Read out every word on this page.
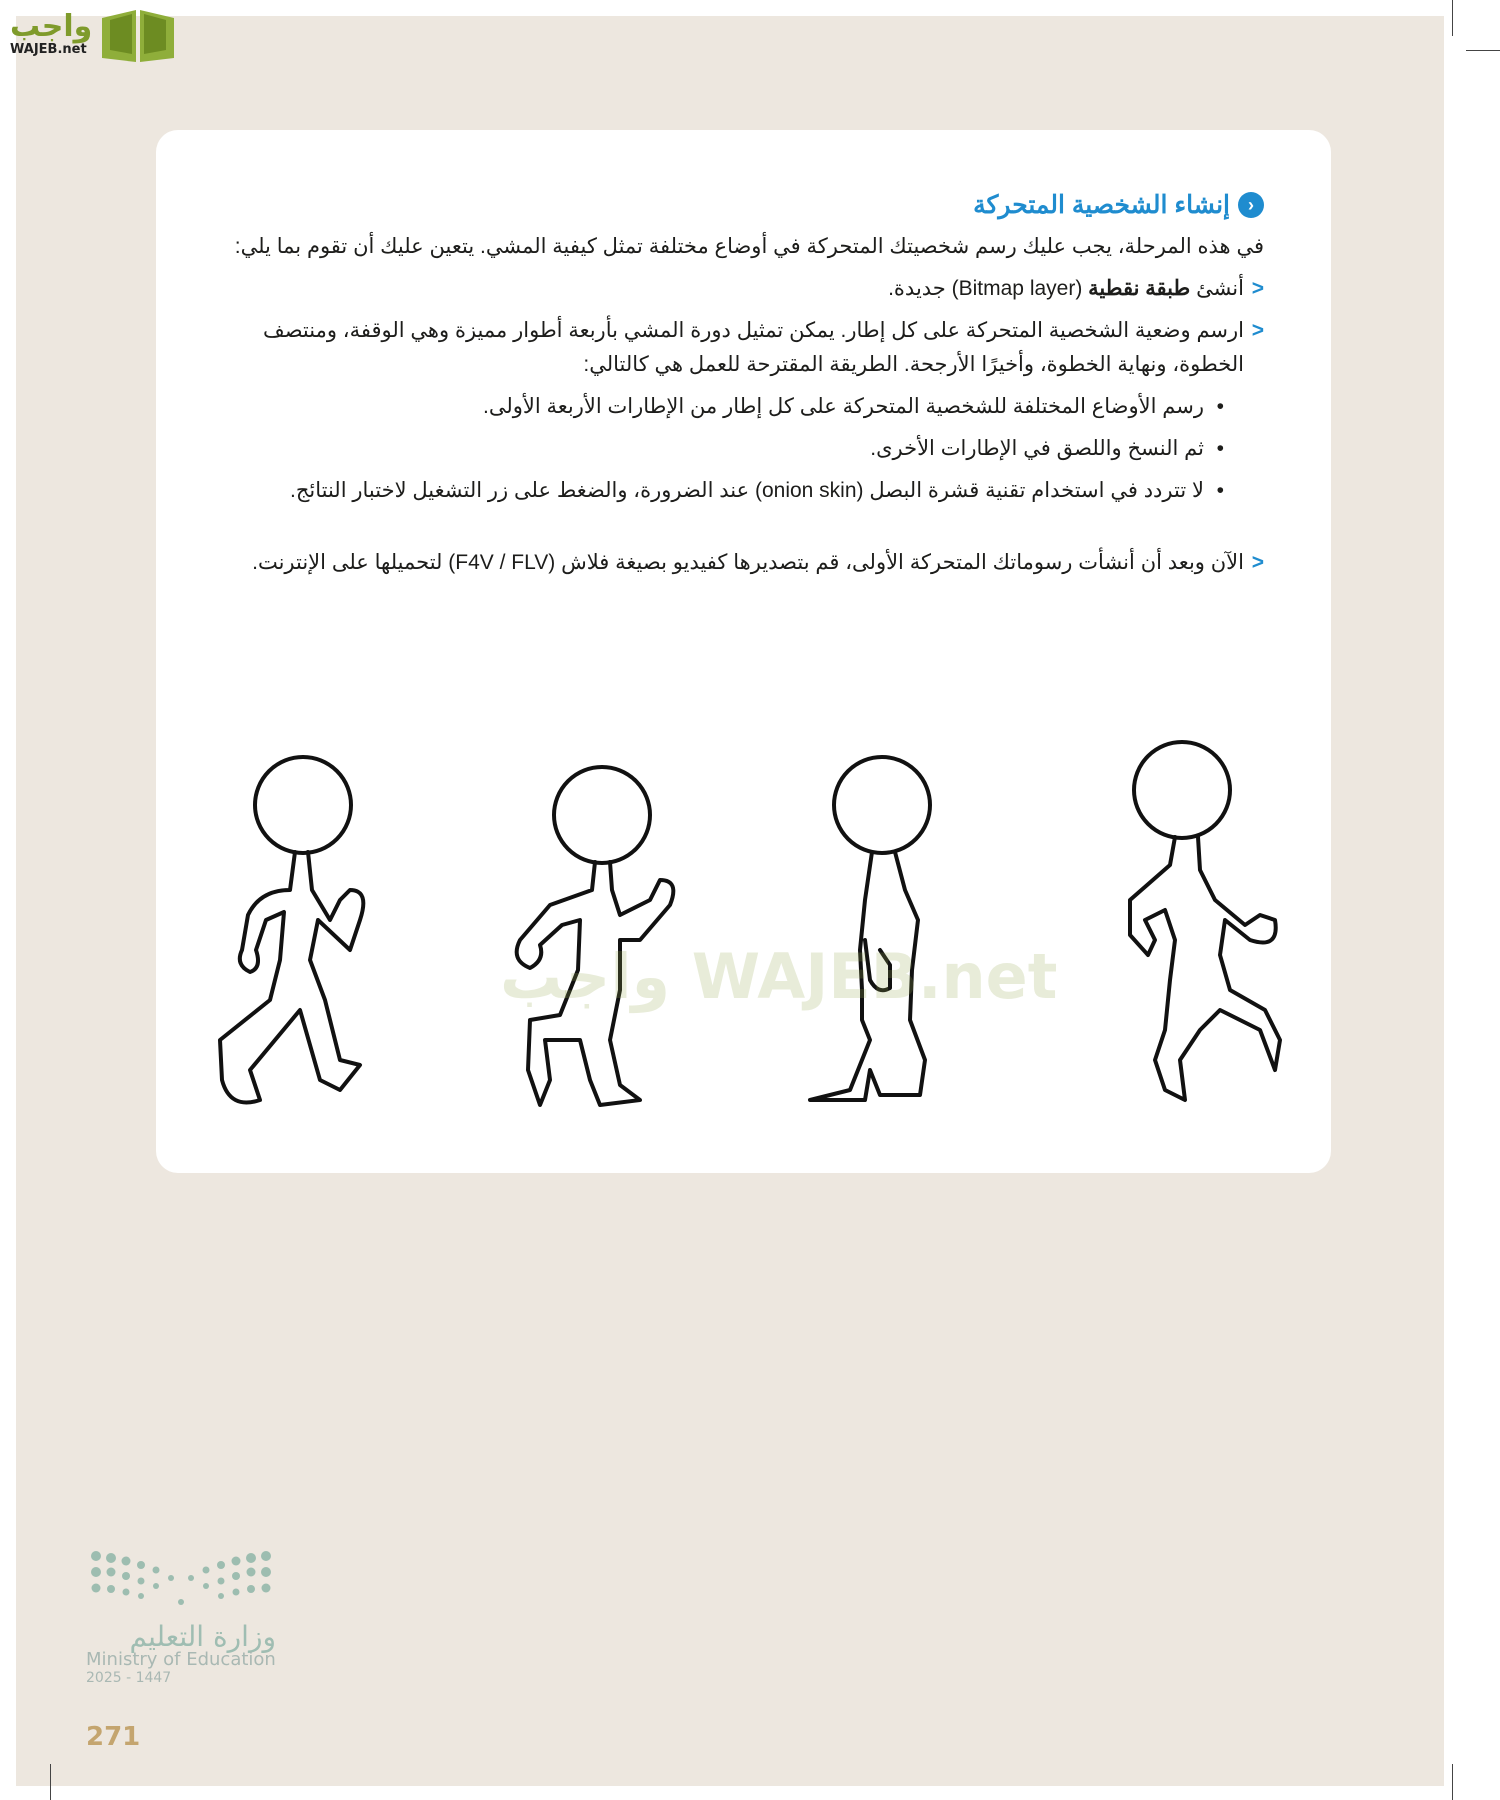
واجب
WAJEB.net
‹
إنشاء الشخصية المتحركة

في هذه المرحلة، يجب عليك رسم شخصيتك المتحركة في أوضاع مختلفة تمثل كيفية المشي. يتعين عليك أن تقوم بما يلي:

<
أنشئ طبقة نقطية (Bitmap layer) جديدة.

<
ارسم وضعية الشخصية المتحركة على كل إطار. يمكن تمثيل دورة المشي بأربعة أطوار مميزة وهي الوقفة، ومنتصف الخطوة، ونهاية الخطوة، وأخيرًا الأرجحة. الطريقة المقترحة للعمل هي كالتالي:

•
رسم الأوضاع المختلفة للشخصية المتحركة على كل إطار من الإطارات الأربعة الأولى.

•
ثم النسخ واللصق في الإطارات الأخرى.

•
لا تتردد في استخدام تقنية قشرة البصل (onion skin) عند الضرورة، والضغط على زر التشغيل لاختبار النتائج.

<
الآن وبعد أن أنشأت رسوماتك المتحركة الأولى، قم بتصديرها كفيديو بصيغة فلاش (F4V / FLV) لتحميلها على الإنترنت.

واجب WAJEB.net
وزارة التعليم
Ministry of Education
2025 - 1447
271
